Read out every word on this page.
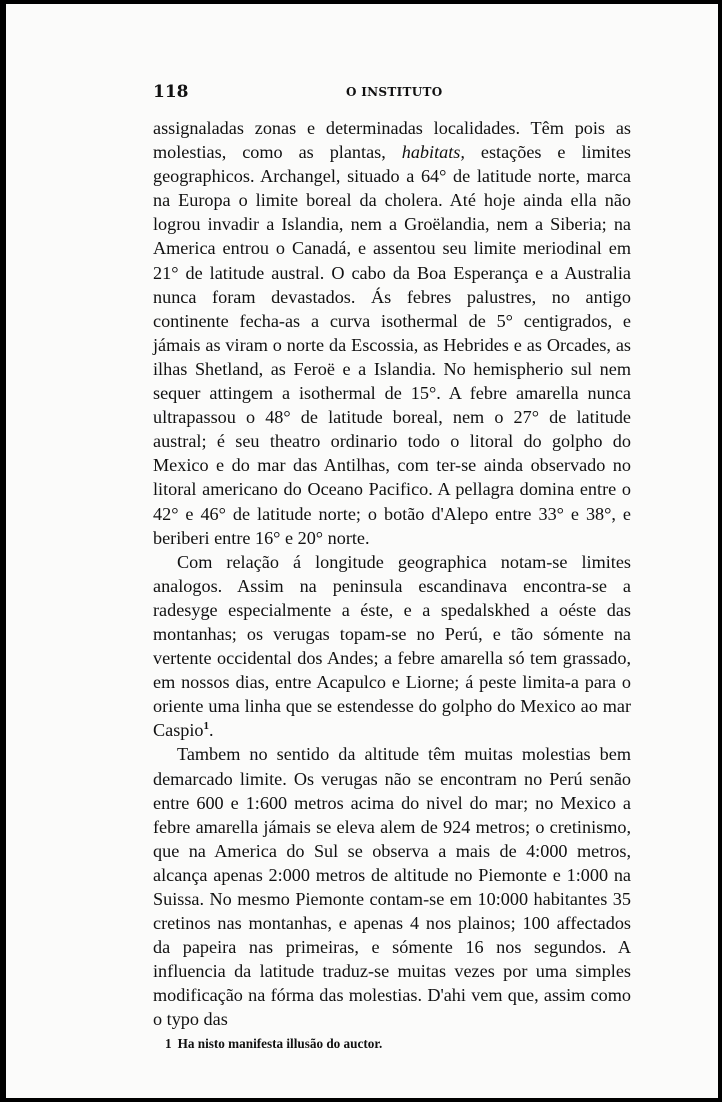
118	O INSTITUTO

assignaladas zonas e determinadas localidades. Têm pois as molestias, como as plantas, habitats, estações e limites geographicos. Archangel, situado a 64° de latitude norte, marca na Europa o limite boreal da cholera. Até hoje ainda ella não logrou invadir a Islandia, nem a Groëlandia, nem a Siberia; na America entrou o Canadá, e assentou seu limite meriodinal em 21° de latitude austral. O cabo da Boa Esperança e a Australia nunca foram devastados. Ás febres palustres, no antigo continente fecha-as a curva isothermal de 5° centigrados, e jámais as viram o norte da Escossia, as Hebrides e as Orcades, as ilhas Shetland, as Feroë e a Islandia. No hemispherio sul nem sequer attingem a isothermal de 15°. A febre amarella nunca ultrapassou o 48° de latitude boreal, nem o 27° de latitude austral; é seu theatro ordinario todo o litoral do golpho do Mexico e do mar das Antilhas, com ter-se ainda observado no litoral americano do Oceano Pacifico. A pellagra domina entre o 42° e 46° de latitude norte; o botão d'Alepo entre 33° e 38°, e beriberi entre 16° e 20° norte.

Com relação á longitude geographica notam-se limites analogos. Assim na peninsula escandinava encontra-se a radesyge especialmente a éste, e a spedalskhed a oéste das montanhas; os verugas topam-se no Perú, e tão sómente na vertente occidental dos Andes; a febre amarella só tem grassado, em nossos dias, entre Acapulco e Liorne; á peste limita-a para o oriente uma linha que se estendesse do golpho do Mexico ao mar Caspio$^1$.

Tambem no sentido da altitude têm muitas molestias bem demarcado limite. Os verugas não se encontram no Perú senão entre 600 e 1:600 metros acima do nivel do mar; no Mexico a febre amarella jámais se eleva alem de 924 metros; o cretinismo, que na America do Sul se observa a mais de 4:000 metros, alcança apenas 2:000 metros de altitude no Piemonte e 1:000 na Suissa. No mesmo Piemonte contam-se em 10:000 habitantes 35 cretinos nas montanhas, e apenas 4 nos plainos; 100 affectados da papeira nas primeiras, e sómente 16 nos segundos. A influencia da latitude traduz-se muitas vezes por uma simples modificação na fórma das molestias. D'ahi vem que, assim como o typo das

1 Ha nisto manifesta illusão do auctor.
